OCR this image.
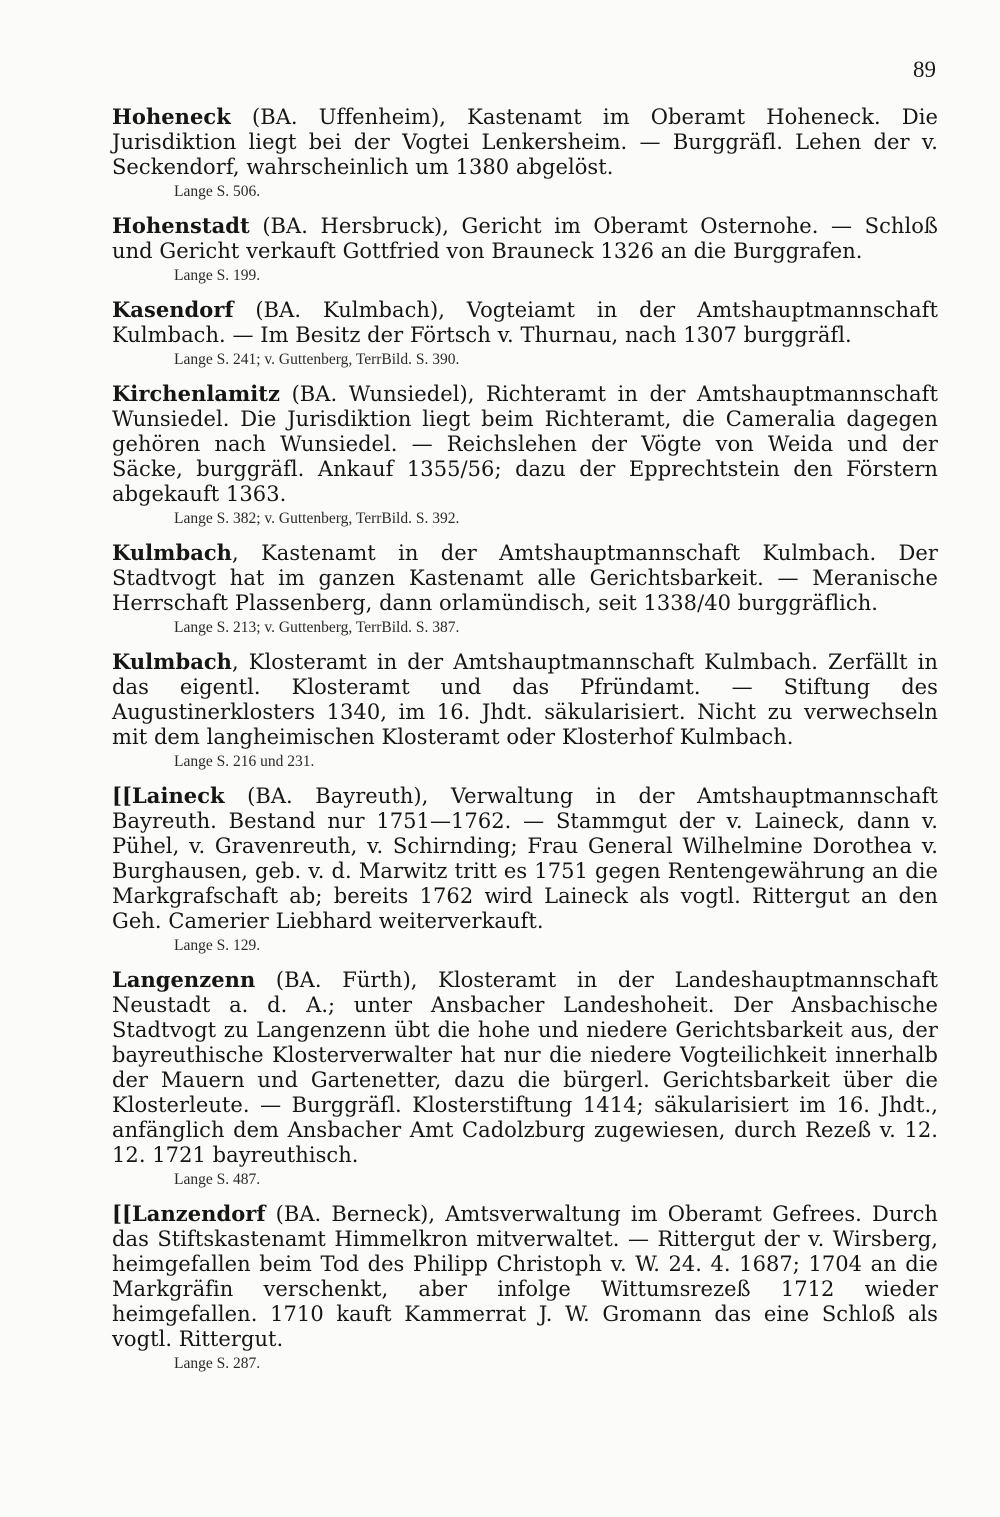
89
Hoheneck (BA. Uffenheim), Kastenamt im Oberamt Hoheneck. Die Jurisdiktion liegt bei der Vogtei Lenkersheim. — Burggräfl. Lehen der v. Seckendorf, wahrscheinlich um 1380 abgelöst.
Lange S. 506.
Hohenstadt (BA. Hersbruck), Gericht im Oberamt Osternohe. — Schloß und Gericht verkauft Gottfried von Brauneck 1326 an die Burggrafen.
Lange S. 199.
Kasendorf (BA. Kulmbach), Vogteiamt in der Amtshauptmannschaft Kulmbach. — Im Besitz der Förtsch v. Thurnau, nach 1307 burggräfl.
Lange S. 241; v. Guttenberg, TerrBild. S. 390.
Kirchenlamitz (BA. Wunsiedel), Richteramt in der Amtshauptmannschaft Wunsiedel. Die Jurisdiktion liegt beim Richteramt, die Cameralia dagegen gehören nach Wunsiedel. — Reichslehen der Vögte von Weida und der Säcke, burggräfl. Ankauf 1355/56; dazu der Epprechtstein den Förstern abgekauft 1363.
Lange S. 382; v. Guttenberg, TerrBild. S. 392.
Kulmbach, Kastenamt in der Amtshauptmannschaft Kulmbach. Der Stadtvogt hat im ganzen Kastenamt alle Gerichtsbarkeit. — Meranische Herrschaft Plassenberg, dann orlamündisch, seit 1338/40 burggräflich.
Lange S. 213; v. Guttenberg, TerrBild. S. 387.
Kulmbach, Klosteramt in der Amtshauptmannschaft Kulmbach. Zerfällt in das eigentl. Klosteramt und das Pfründamt. — Stiftung des Augustinerklosters 1340, im 16. Jhdt. säkularisiert. Nicht zu verwechseln mit dem langheimischen Klosteramt oder Klosterhof Kulmbach.
Lange S. 216 und 231.
[[Laineck (BA. Bayreuth), Verwaltung in der Amtshauptmannschaft Bayreuth. Bestand nur 1751—1762. — Stammgut der v. Laineck, dann v. Pühel, v. Gravenreuth, v. Schirnding; Frau General Wilhelmine Dorothea v. Burghausen, geb. v. d. Marwitz tritt es 1751 gegen Rentengewährung an die Markgrafschaft ab; bereits 1762 wird Laineck als vogtl. Rittergut an den Geh. Camerier Liebhard weiterverkauft.
Lange S. 129.
Langenzenn (BA. Fürth), Klosteramt in der Landeshauptmannschaft Neustadt a. d. A.; unter Ansbacher Landeshoheit. Der Ansbachische Stadtvogt zu Langenzenn übt die hohe und niedere Gerichtsbarkeit aus, der bayreuthische Klosterverwalter hat nur die niedere Vogteilichkeit innerhalb der Mauern und Gartenetter, dazu die bürgerl. Gerichtsbarkeit über die Klosterleute. — Burggräfl. Klosterstiftung 1414; säkularisiert im 16. Jhdt., anfänglich dem Ansbacher Amt Cadolzburg zugewiesen, durch Rezeß v. 12. 12. 1721 bayreuthisch.
Lange S. 487.
[[Lanzendorf (BA. Berneck), Amtsverwaltung im Oberamt Gefrees. Durch das Stiftskastenamt Himmelkron mitverwaltet. — Rittergut der v. Wirsberg, heimgefallen beim Tod des Philipp Christoph v. W. 24. 4. 1687; 1704 an die Markgräfin verschenkt, aber infolge Wittumsrezeß 1712 wieder heimgefallen. 1710 kauft Kammerrat J. W. Gromann das eine Schloß als vogtl. Rittergut.
Lange S. 287.
